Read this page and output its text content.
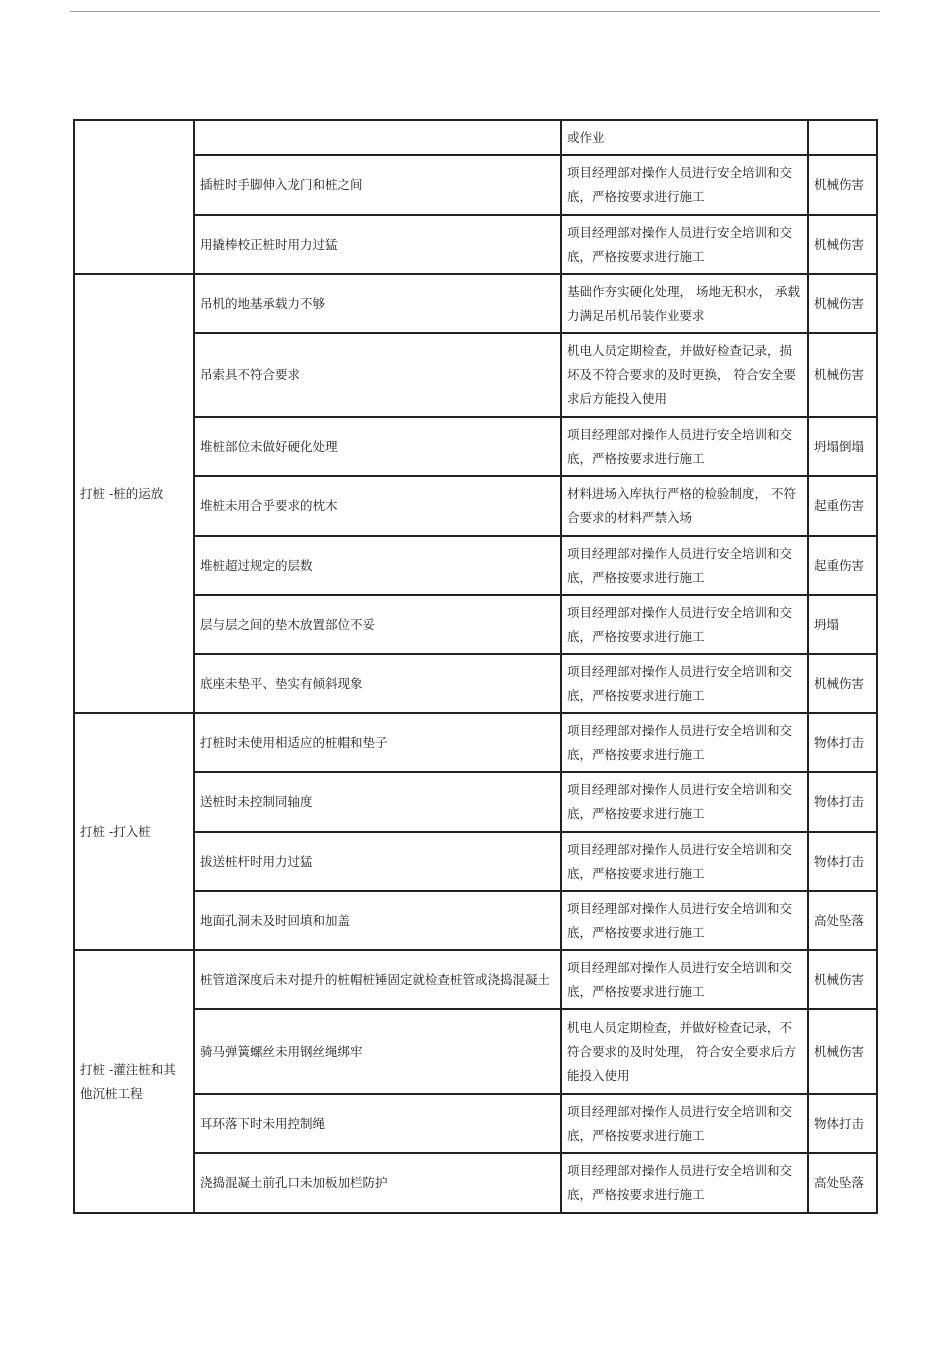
		或作业	
	插桩时手脚伸入龙门和桩之间	项目经理部对操作人员进行安全培训和交底，严格按要求进行施工	机械伤害
	用撬棒校正桩时用力过猛	项目经理部对操作人员进行安全培训和交底，严格按要求进行施工	机械伤害
打桩 -桩的运放	吊机的地基承载力不够	基础作夯实硬化处理， 场地无积水， 承载力满足吊机吊装作业要求	机械伤害
	吊索具不符合要求	机电人员定期检查，并做好检查记录，损坏及不符合要求的及时更换， 符合安全要求后方能投入使用	机械伤害
	堆桩部位未做好硬化处理	项目经理部对操作人员进行安全培训和交底，严格按要求进行施工	坍塌倒塌
	堆桩未用合乎要求的枕木	材料进场入库执行严格的检验制度， 不符合要求的材料严禁入场	起重伤害
	堆桩超过规定的层数	项目经理部对操作人员进行安全培训和交底，严格按要求进行施工	起重伤害
	层与层之间的垫木放置部位不妥	项目经理部对操作人员进行安全培训和交底，严格按要求进行施工	坍塌
	底座未垫平、垫实有倾斜现象	项目经理部对操作人员进行安全培训和交底，严格按要求进行施工	机械伤害
打桩 -打入桩	打桩时未使用相适应的桩帽和垫子	项目经理部对操作人员进行安全培训和交底，严格按要求进行施工	物体打击
	送桩时未控制同轴度	项目经理部对操作人员进行安全培训和交底，严格按要求进行施工	物体打击
	拔送桩杆时用力过猛	项目经理部对操作人员进行安全培训和交底，严格按要求进行施工	物体打击
	地面孔洞未及时回填和加盖	项目经理部对操作人员进行安全培训和交底，严格按要求进行施工	高处坠落
打桩 -灌注桩和其他沉桩工程	桩管道深度后未对提升的桩帽桩锤固定就检查桩管或浇捣混凝土	项目经理部对操作人员进行安全培训和交底，严格按要求进行施工	机械伤害
	骑马弹簧螺丝未用钢丝绳绑牢	机电人员定期检查，并做好检查记录，不符合要求的及时处理， 符合安全要求后方能投入使用	机械伤害
	耳环落下时未用控制绳	项目经理部对操作人员进行安全培训和交底，严格按要求进行施工	物体打击
	浇捣混凝土前孔口未加板加栏防护	项目经理部对操作人员进行安全培训和交底，严格按要求进行施工	高处坠落
